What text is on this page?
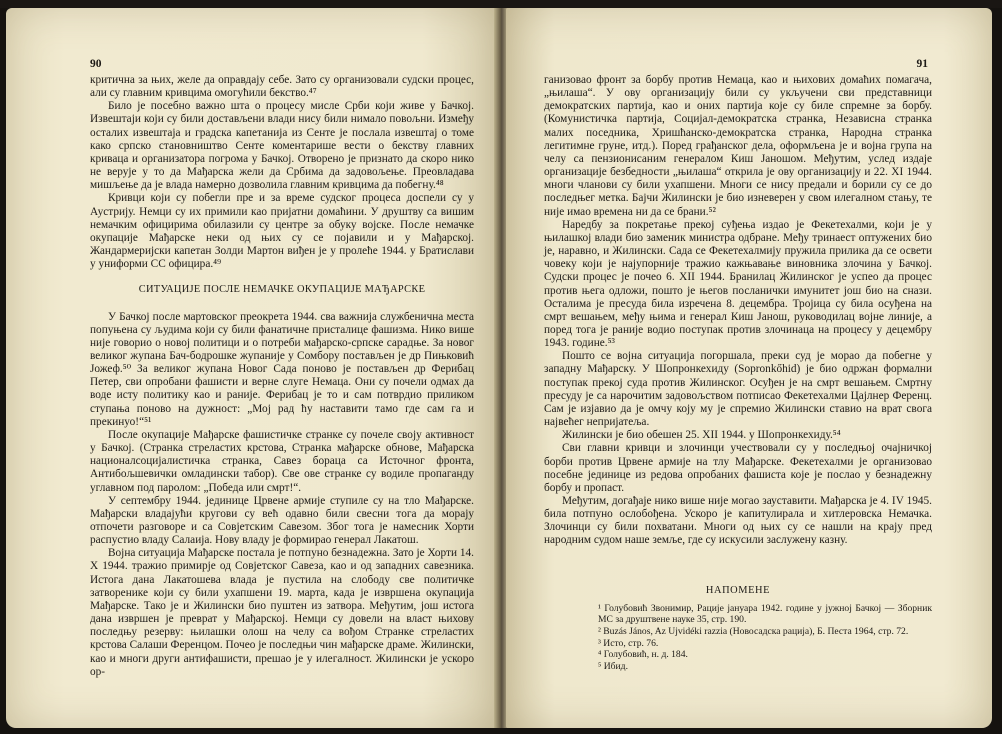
90

критична за њих, желе да оправдају себе. Зато су организовали судски процес, али су главним кривцима омогућили бекство.⁴⁷

Било је посебно важно шта о процесу мисле Срби који живе у Бачкој. Извештаји који су били достављени влади нису били нимало повољни. Између осталих извештаја и градска капетанија из Сенте је послала извештај о томе како српско становништво Сенте коментарише вести о бекству главних криваца и организатора погрома у Бачкој. Отворено је признато да скоро нико не верује у то да Мађарска жели да Србима да задовољење. Преовладава мишљење да је влада намерно дозволила главним кривцима да побегну.⁴⁸

Кривци који су побегли пре и за време судског процеса доспели су у Аустрију. Немци су их примили као пријатни домаћини. У друштву са вишим немачким официрима обилазили су центре за обуку војске. После немачке окупације Мађарске неки од њих су се појавили и у Мађарској. Жандармеријски капетан Золди Мартон виђен је у пролеће 1944. у Братислави у униформи СС официра.⁴⁹

СИТУАЦИЈЕ ПОСЛЕ НЕМАЧКЕ ОКУПАЦИЈЕ МАЂАРСКЕ

У Бачкој после мартовског преокрета 1944. сва важнија службенична места попуњена су људима који су били фанатичне присталице фашизма. Нико више није говорио о новој политици и о потреби мађарско-српске сарадње. За новог великог жупана Бач-бодрошке жупаније у Сомбору постављен је др Пињковић Јожеф.⁵⁰ За великог жупана Новог Сада поново је постављен др Ферибац Петер, сви опробани фашисти и верне слуге Немаца. Они су почели одмах да воде исту политику као и раније. Ферибац је то и сам потврдио приликом ступања поново на дужност: „Мој рад ћу наставити тамо где сам га и прекинуо!“⁵¹

После окупације Мађарске фашистичке странке су почеле своју активност у Бачкој. (Странка стреластих крстова, Странка мађарске обнове, Мађарска националсоцијалистичка странка, Савез бораца са Источног фронта, Антибољшевички омладински табор). Све ове странке су водиле пропаганду углавном под паролом: „Победа или смрт!“.

У септембру 1944. јединице Црвене армије ступиле су на тло Мађарске. Мађарски владајући кругови су већ одавно били свесни тога да морају отпочети разговоре и са Совјетским Савезом. Због тога је намесник Хорти распустио владу Салаија. Нову владу је формирао генерал Лакатош.

Војна ситуација Мађарске постала је потпуно безнадежна. Зато је Хорти 14. X 1944. тражио примирје од Совјетског Савеза, као и од западних савезника. Истога дана Лакатошева влада је пустила на слободу све политичке затворенике који су били ухапшени 19. марта, када је извршена окупација Мађарске. Тако је и Жилински био пуштен из затвора. Међутим, још истога дана извршен је преврат у Мађарској. Немци су довели на власт њихову последњу резерву: њилашки олош на челу са вођом Странке стреластих крстова Салаши Ференцом. Почео је последњи чин мађарске драме. Жилински, као и многи други антифашисти, прешао је у илегалност. Жилински је ускоро ор-

91

ганизовао фронт за борбу против Немаца, као и њихових домаћих помагача, „њилаша“. У ову организацију били су укључени сви представници демократских партија, као и оних партија које су биле спремне за борбу. (Комунистичка партија, Социјал-демократска странка, Независна странка малих поседника, Хришћанско-демократска странка, Народна странка легитимне груне, итд.). Поред грађанског дела, оформљена је и војна група на челу са пензионисаним генералом Киш Јаношом. Међутим, услед издаје организације безбедности „њилаша“ открила је ову организацију и 22. XI 1944. многи чланови су били ухапшени. Многи се нису предали и борили су се до последњег метка. Бајчи Жилински је био изневерен у свом илегалном стању, те није имао времена ни да се брани.⁵²

Наредбу за покретање прекој суђења издао је Фекетехалми, који је у њилашкој влади био заменик министра одбране. Међу тринаест оптужених био је, наравно, и Жилински. Сада се Фекетехалмију пружила прилика да се освети човеку који је најупорније тражио кажњавање виновника злочина у Бачкој. Судски процес је почео 6. XII 1944. Бранилац Жилинског је успео да процес против њега одложи, пошто је његов посланички имунитет још био на снази. Осталима је пресуда била изречена 8. децембра. Тројица су била осуђена на смрт вешањем, међу њима и генерал Киш Јанош, руководилац војне линије, а поред тога је раније водио поступак против злочинаца на процесу у децембру 1943. године.⁵³

Пошто се војна ситуација погоршала, преки суд је морао да побегне у западну Мађарску. У Шопронкехиду (Sopronkőhid) је био одржан формални поступак прекој суда против Жилинског. Осуђен је на смрт вешањем. Смртну пресуду је са нарочитим задовољством потписао Фекетехалми Цајлнер Ференц. Сам је изјавио да је омчу коју му је спремио Жилински ставио на врат свога највећег непријатеља.

Жилински је био обешен 25. XII 1944. у Шопронкехиду.⁵⁴

Сви главни кривци и злочинци учествовали су у последњој очајничкој борби против Црвене армије на тлу Мађарске. Фекетехалми је организовао посебне јединице из редова опробаних фашиста које је послао у безнадежну борбу и пропаст.

Међутим, догађаје нико више није могао зауставити. Мађарска је 4. IV 1945. била потпуно ослобођена. Ускоро је капитулирала и хитлеровска Немачка. Злочинци су били похватани. Многи од њих су се нашли на крају пред народним судом наше земље, где су искусили заслужену казну.

НАПОМЕНЕ
¹ Голубовић Звонимир, Рације јануара 1942. године у јужној Бачкој — Зборник МС за друштвене науке 35, стр. 190.
² Buzás János, Az Ujvidéki razzia (Новосадска рација), Б. Песта 1964, стр. 72.
³ Исто, стр. 76.
⁴ Голубовић, н. д. 184.
⁵ Ибид.
